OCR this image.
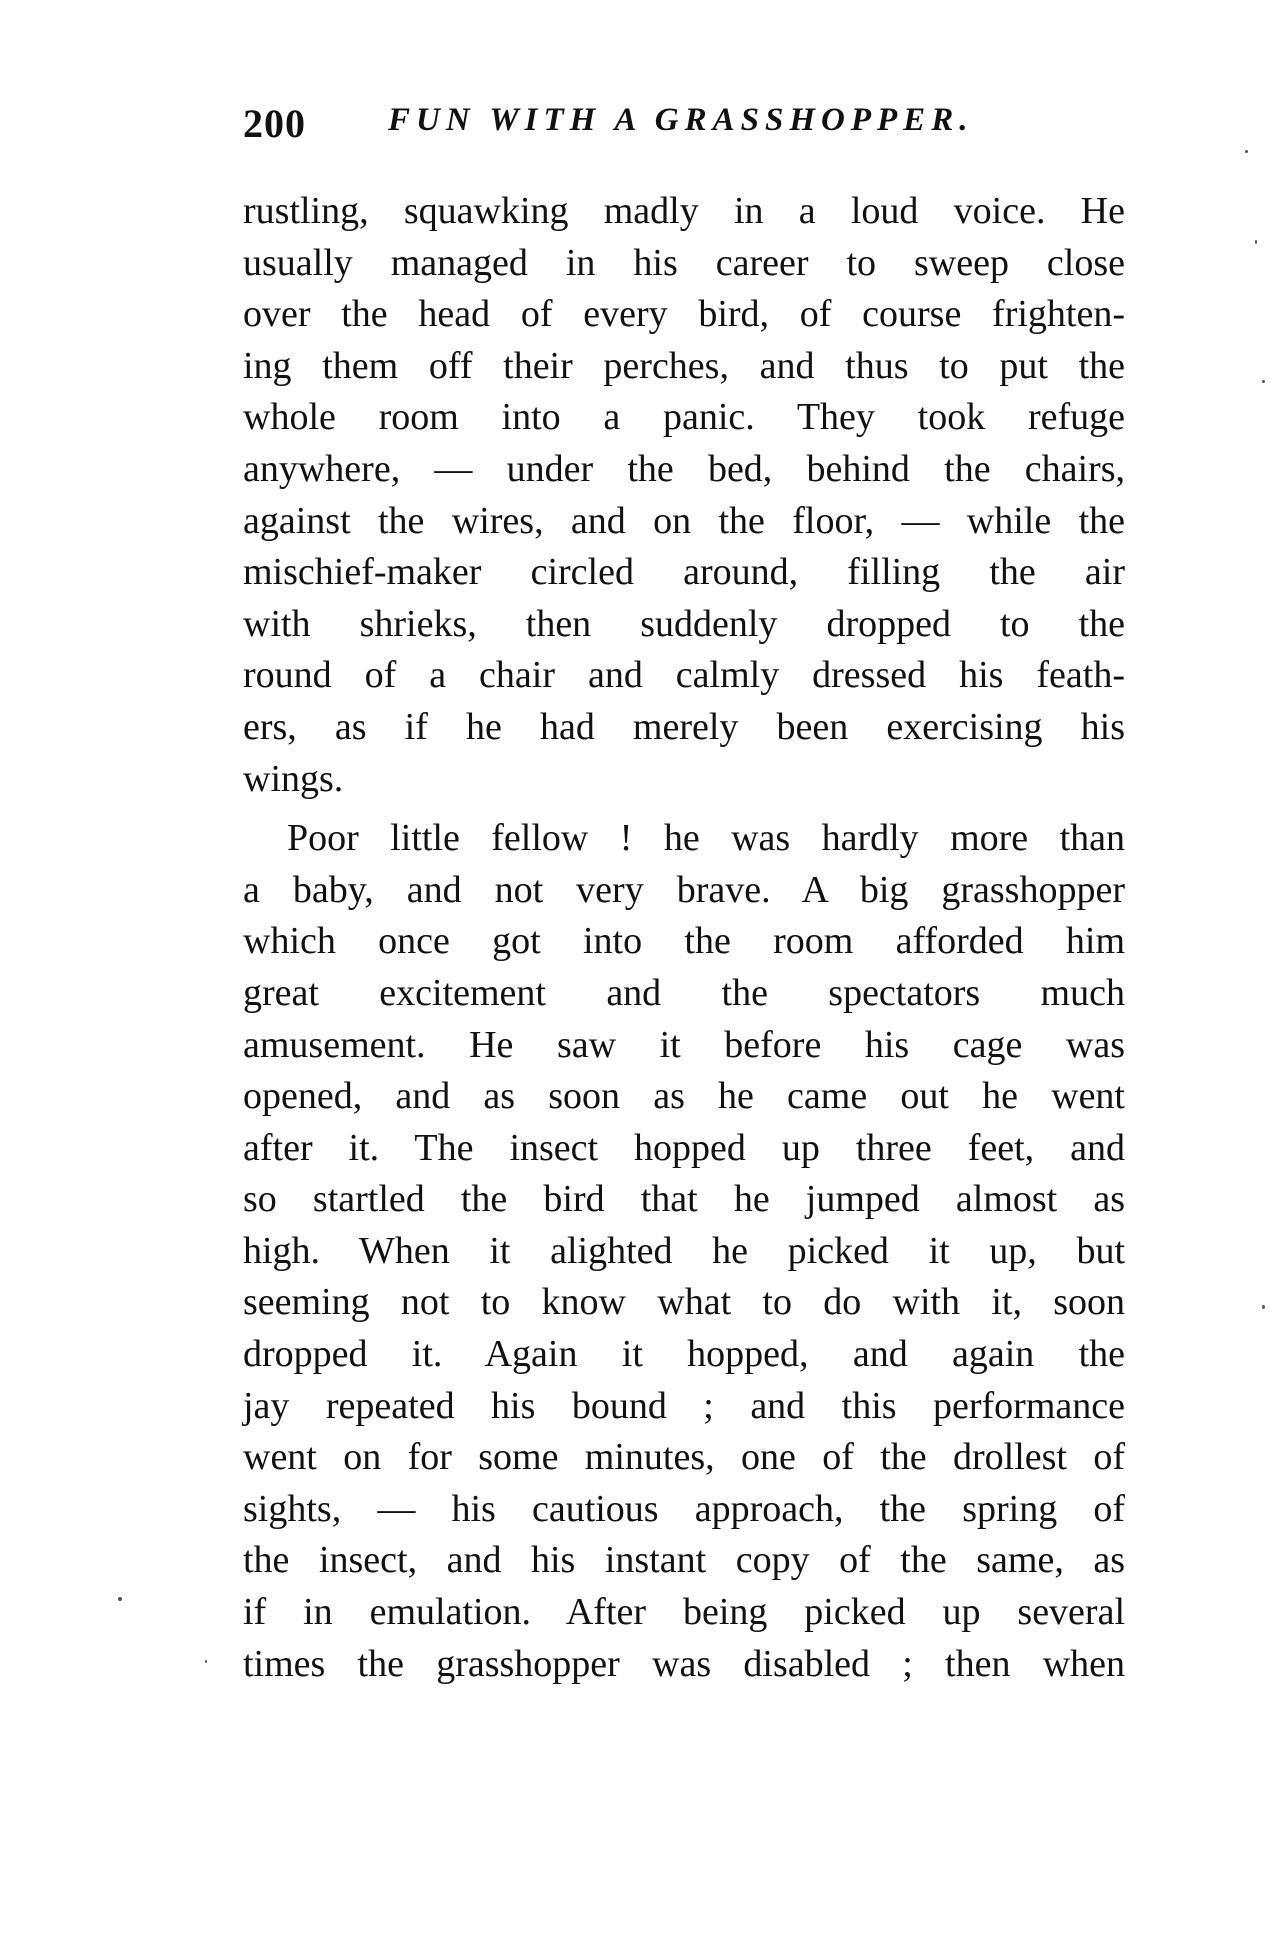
200 FUN WITH A GRASSHOPPER.
rustling, squawking madly in a loud voice. He
usually managed in his career to sweep close
over the head of every bird, of course frighten-
ing them off their perches, and thus to put the
whole room into a panic. They took refuge
anywhere, — under the bed, behind the chairs,
against the wires, and on the floor, — while the
mischief-maker circled around, filling the air
with shrieks, then suddenly dropped to the
round of a chair and calmly dressed his feath-
ers, as if he had merely been exercising his
wings.
Poor little fellow ! he was hardly more than
a baby, and not very brave. A big grasshopper
which once got into the room afforded him
great excitement and the spectators much
amusement. He saw it before his cage was
opened, and as soon as he came out he went
after it. The insect hopped up three feet, and
so startled the bird that he jumped almost as
high. When it alighted he picked it up, but
seeming not to know what to do with it, soon
dropped it. Again it hopped, and again the
jay repeated his bound ; and this performance
went on for some minutes, one of the drollest of
sights, — his cautious approach, the spring of
the insect, and his instant copy of the same, as
if in emulation. After being picked up several
times the grasshopper was disabled ; then when
